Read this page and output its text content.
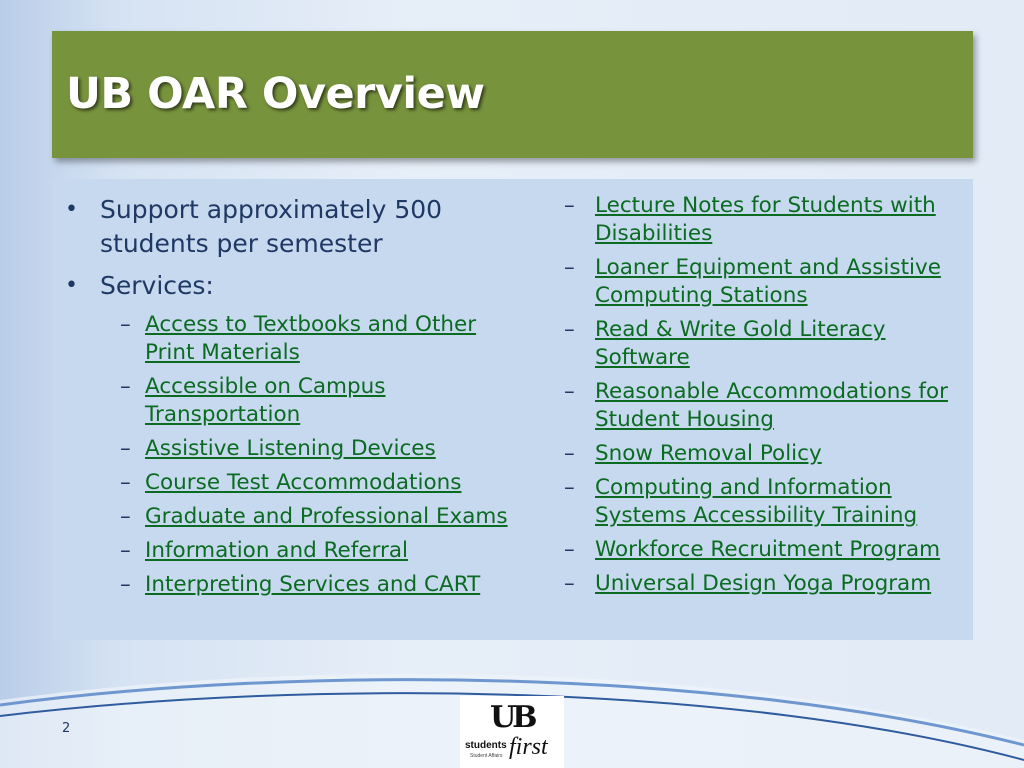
UB OAR Overview
• Support approximately 500 students per semester
• Services:
– Access to Textbooks and Other Print Materials
– Accessible on Campus Transportation
– Assistive Listening Devices
– Course Test Accommodations
– Graduate and Professional Exams
– Information and Referral
– Interpreting Services and CART
– Lecture Notes for Students with Disabilities
– Loaner Equipment and Assistive Computing Stations
– Read & Write Gold Literacy Software
– Reasonable Accommodations for Student Housing
– Snow Removal Policy
– Computing and Information Systems Accessibility Training
– Workforce Recruitment Program
– Universal Design Yoga Program
2	UB
students first
Student Affairs
